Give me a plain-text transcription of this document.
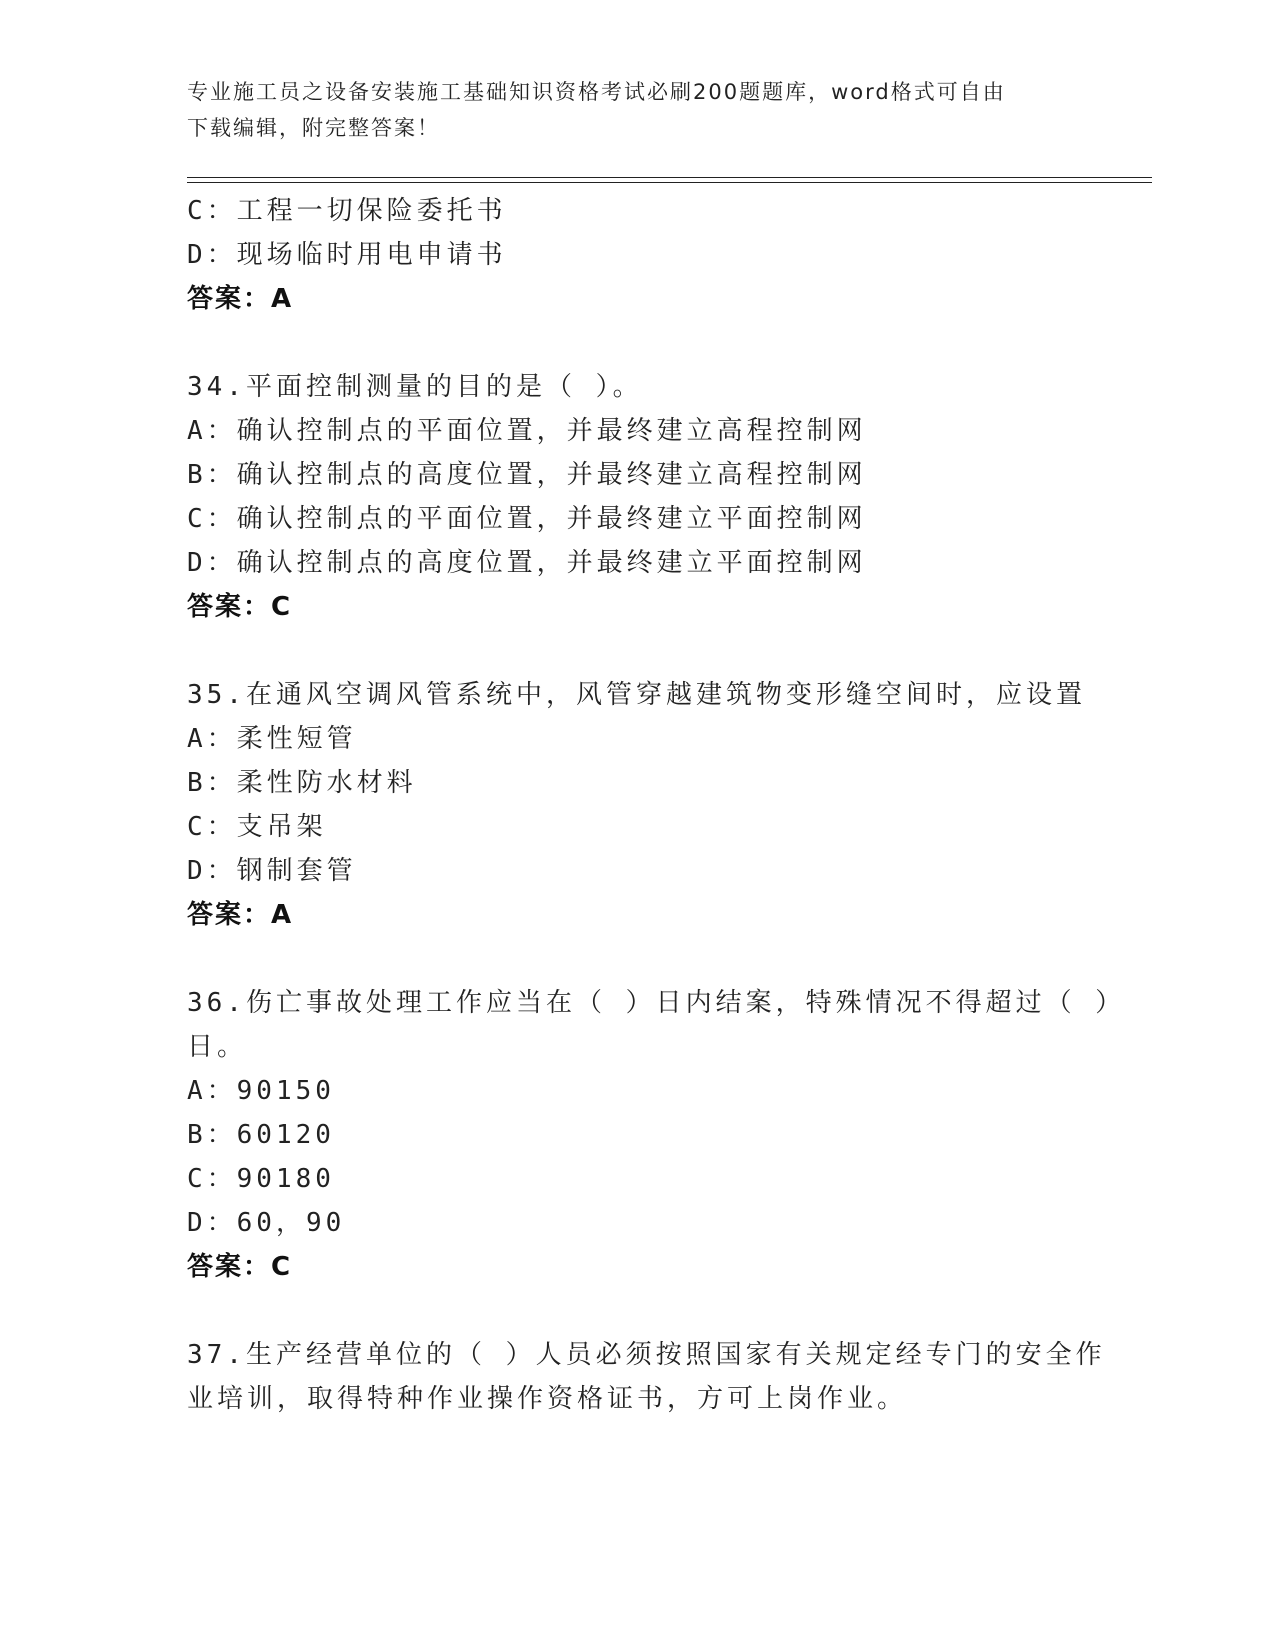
专业施工员之设备安装施工基础知识资格考试必刷200题题库，word格式可自由
下载编辑，附完整答案！
C：工程一切保险委托书
D：现场临时用电申请书
答案：A
34.平面控制测量的目的是（ ）。
A：确认控制点的平面位置，并最终建立高程控制网
B：确认控制点的高度位置，并最终建立高程控制网
C：确认控制点的平面位置，并最终建立平面控制网
D：确认控制点的高度位置，并最终建立平面控制网
答案：C
35.在通风空调风管系统中，风管穿越建筑物变形缝空间时，应设置
A：柔性短管
B：柔性防水材料
C：支吊架
D：钢制套管
答案：A
36.伤亡事故处理工作应当在（ ）日内结案，特殊情况不得超过（ ）
日。
A：90150
B：60120
C：90180
D：60，90
答案：C
37.生产经营单位的（ ）人员必须按照国家有关规定经专门的安全作
业培训，取得特种作业操作资格证书，方可上岗作业。
